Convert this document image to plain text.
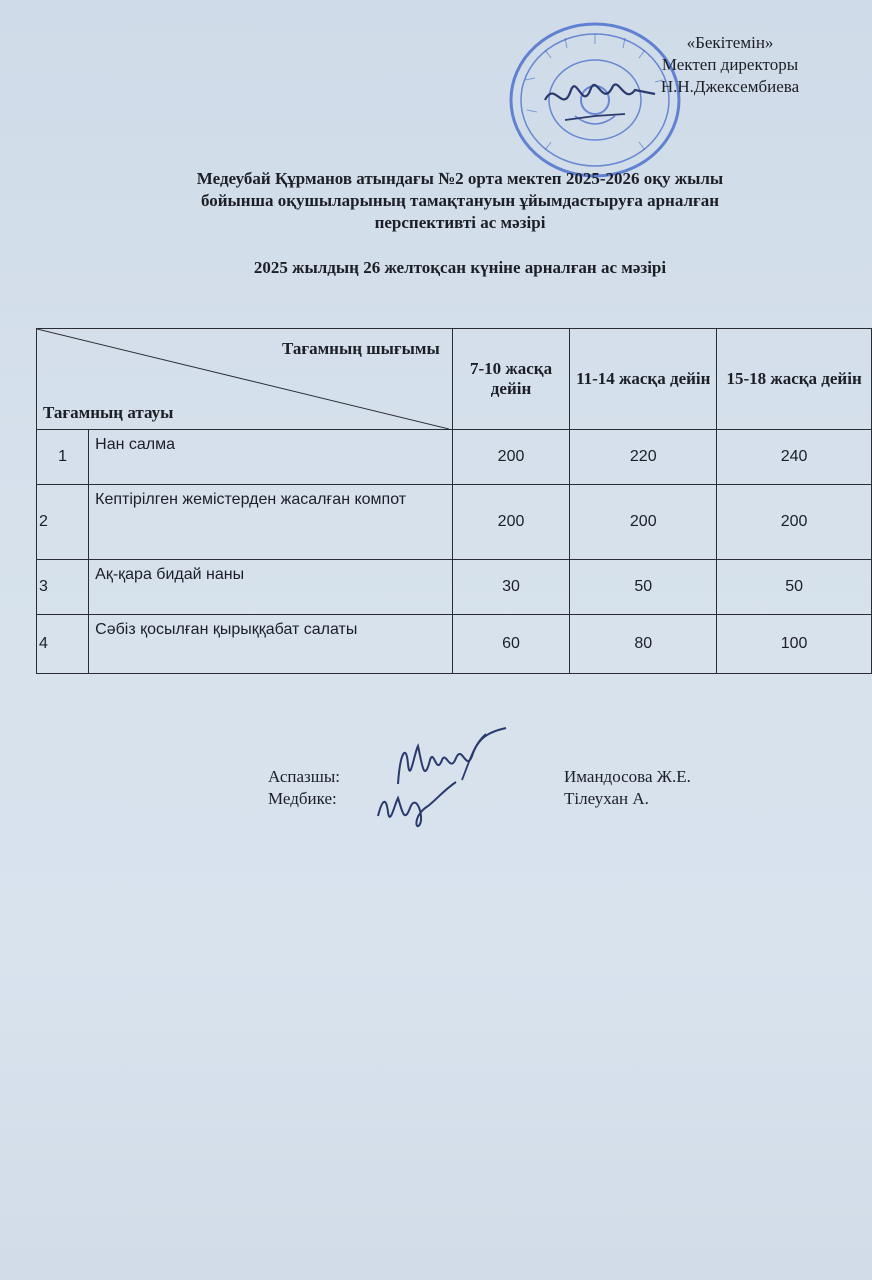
«Бекітемін»
Мектеп директоры
Н.Н.Джексембиева
Медеубай Құрманов атындағы №2 орта мектеп 2025-2026 оқу жылы
бойынша оқушыларының тамақтануын ұйымдастыруға арналған
перспективті ас мәзірі
2025 жылдың 26 желтоқсан күніне арналған ас мәзірі
Тағамның шығымы
Тағамның атауы		7-10 жасқа дейін	11-14 жасқа дейін	15-18 жасқа дейін
1	Нан салма	200	220	240
2	Кептірілген жемістерден жасалған компот	200	200	200
3	Ақ-қара бидай наны	30	50	50
4	Сәбіз қосылған қырыққабат салаты	60	80	100
Аспазшы:	Имандосова Ж.Е.
Медбике:	Тілеухан А.
